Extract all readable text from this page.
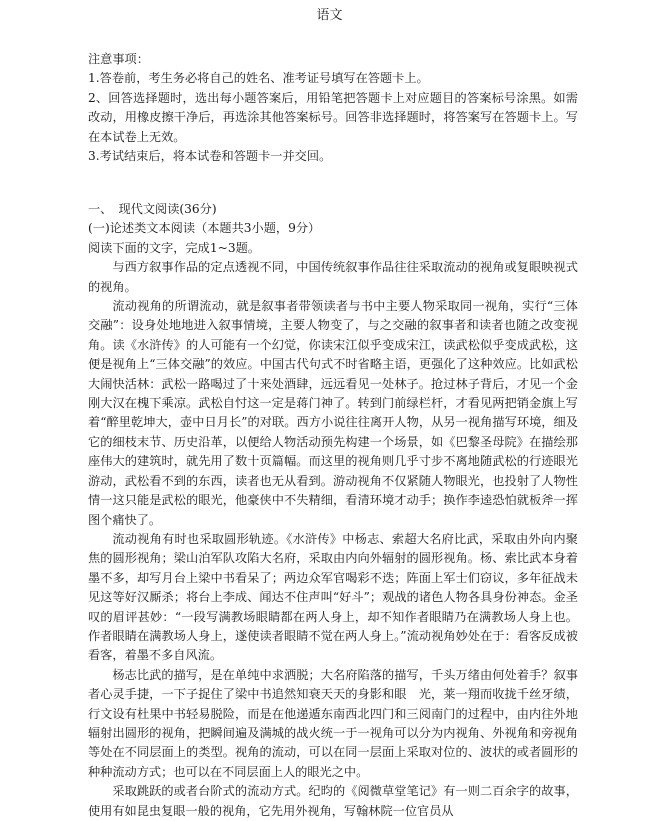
语文

注意事项：

1.答卷前，考生务必将自己的姓名、准考证号填写在答题卡上。

2、回答选择题时，选出每小题答案后，用铅笔把答题卡上对应题目的答案标号涂黑。如需改动，用橡皮擦干净后，再选涂其他答案标号。回答非选择题时，将答案写在答题卡上。写在本试卷上无效。

3.考试结束后，将本试卷和答题卡一并交回。

一、　现代文阅读(36分)

(一)论述类文本阅读（本题共3小题，9分）

阅读下面的文字，完成1~3题。

与西方叙事作品的定点透视不同，中国传统叙事作品往往采取流动的视角或复眼映视式的视角。

流动视角的所谓流动，就是叙事者带领读者与书中主要人物采取同一视角，实行“三体交融”：设身处地地进入叙事情境，主要人物变了，与之交融的叙事者和读者也随之改变视角。读《水浒传》的人可能有一个幻觉，你读宋江似乎变成宋江，读武松似乎变成武松，这便是视角上“三体交融”的效应。中国古代句式不时省略主语，更强化了这种效应。比如武松大闹快活林：武松一路喝过了十来处酒肆，远远看见一处林子。抢过林子背后，才见一个金刚大汉在槐下乘凉。武松自忖这一定是蒋门神了。转到门前绿栏杆，才看见两把销金旗上写着“醉里乾坤大，壶中日月长”的对联。西方小说往往离开人物，从另一视角描写环境，细及它的细枝末节、历史沿革，以便给人物活动预先构建一个场景，如《巴黎圣母院》在描绘那座伟大的建筑时，就先用了数十页篇幅。而这里的视角则几乎寸步不离地随武松的行迹眼光游动，武松看不到的东西，读者也无从看到。游动视角不仅紧随人物眼光，也投射了人物性情一这只能是武松的眼光，他豪侠中不失精细，看清环境才动手；换作李逵恐怕就板斧一挥图个痛快了。

流动视角有时也采取圆形轨迹。《水浒传》中杨志、索超大名府比武，采取由外向内聚焦的圆形视角；梁山泊军队攻陷大名府，采取由内向外辐射的圆形视角。杨、索比武本身着墨不多，却写月台上梁中书看呆了；两边众军官喝彩不迭；阵面上军士们窃议，多年征战未见这等好汉厮杀；将台上李成、闻达不住声叫“好斗”；观战的诸色人物各具身份神态。金圣叹的眉评甚妙：“一段写满教场眼睛都在两人身上，却不知作者眼睛乃在满教场人身上也。作者眼睛在满教场人身上，遂使读者眼睛不觉在两人身上。”流动视角妙处在于：看客反成被看客，着墨不多自风流。

杨志比武的描写，是在单纯中求洒脱；大名府陷落的描写，千头万绪由何处着手？叙事者心灵手捷，一下子捉住了梁中书追然知衰天天的身影和眼　光，莱一翔而收拢千丝牙绩，行文设有杜果中书轻易脱险，而是在他递遁东南西北四门和三阅南门的过程中，由内往外地辐射出圆形的视角，把瞬间遍及满城的战火统一于一视角可以分为内视角、外视角和旁视角等处在不同层面上的类型。视角的流动，可以在同一层面上采取对位的、波状的或者圆形的种种流动方式；也可以在不同层面上人的眼光之中。

采取跳跃的或者台阶式的流动方式。纪昀的《阅微草堂笔记》有一则二百余字的故事，使用有如昆虫复眼一般的视角，它先用外视角，写翰林院一位官员从
